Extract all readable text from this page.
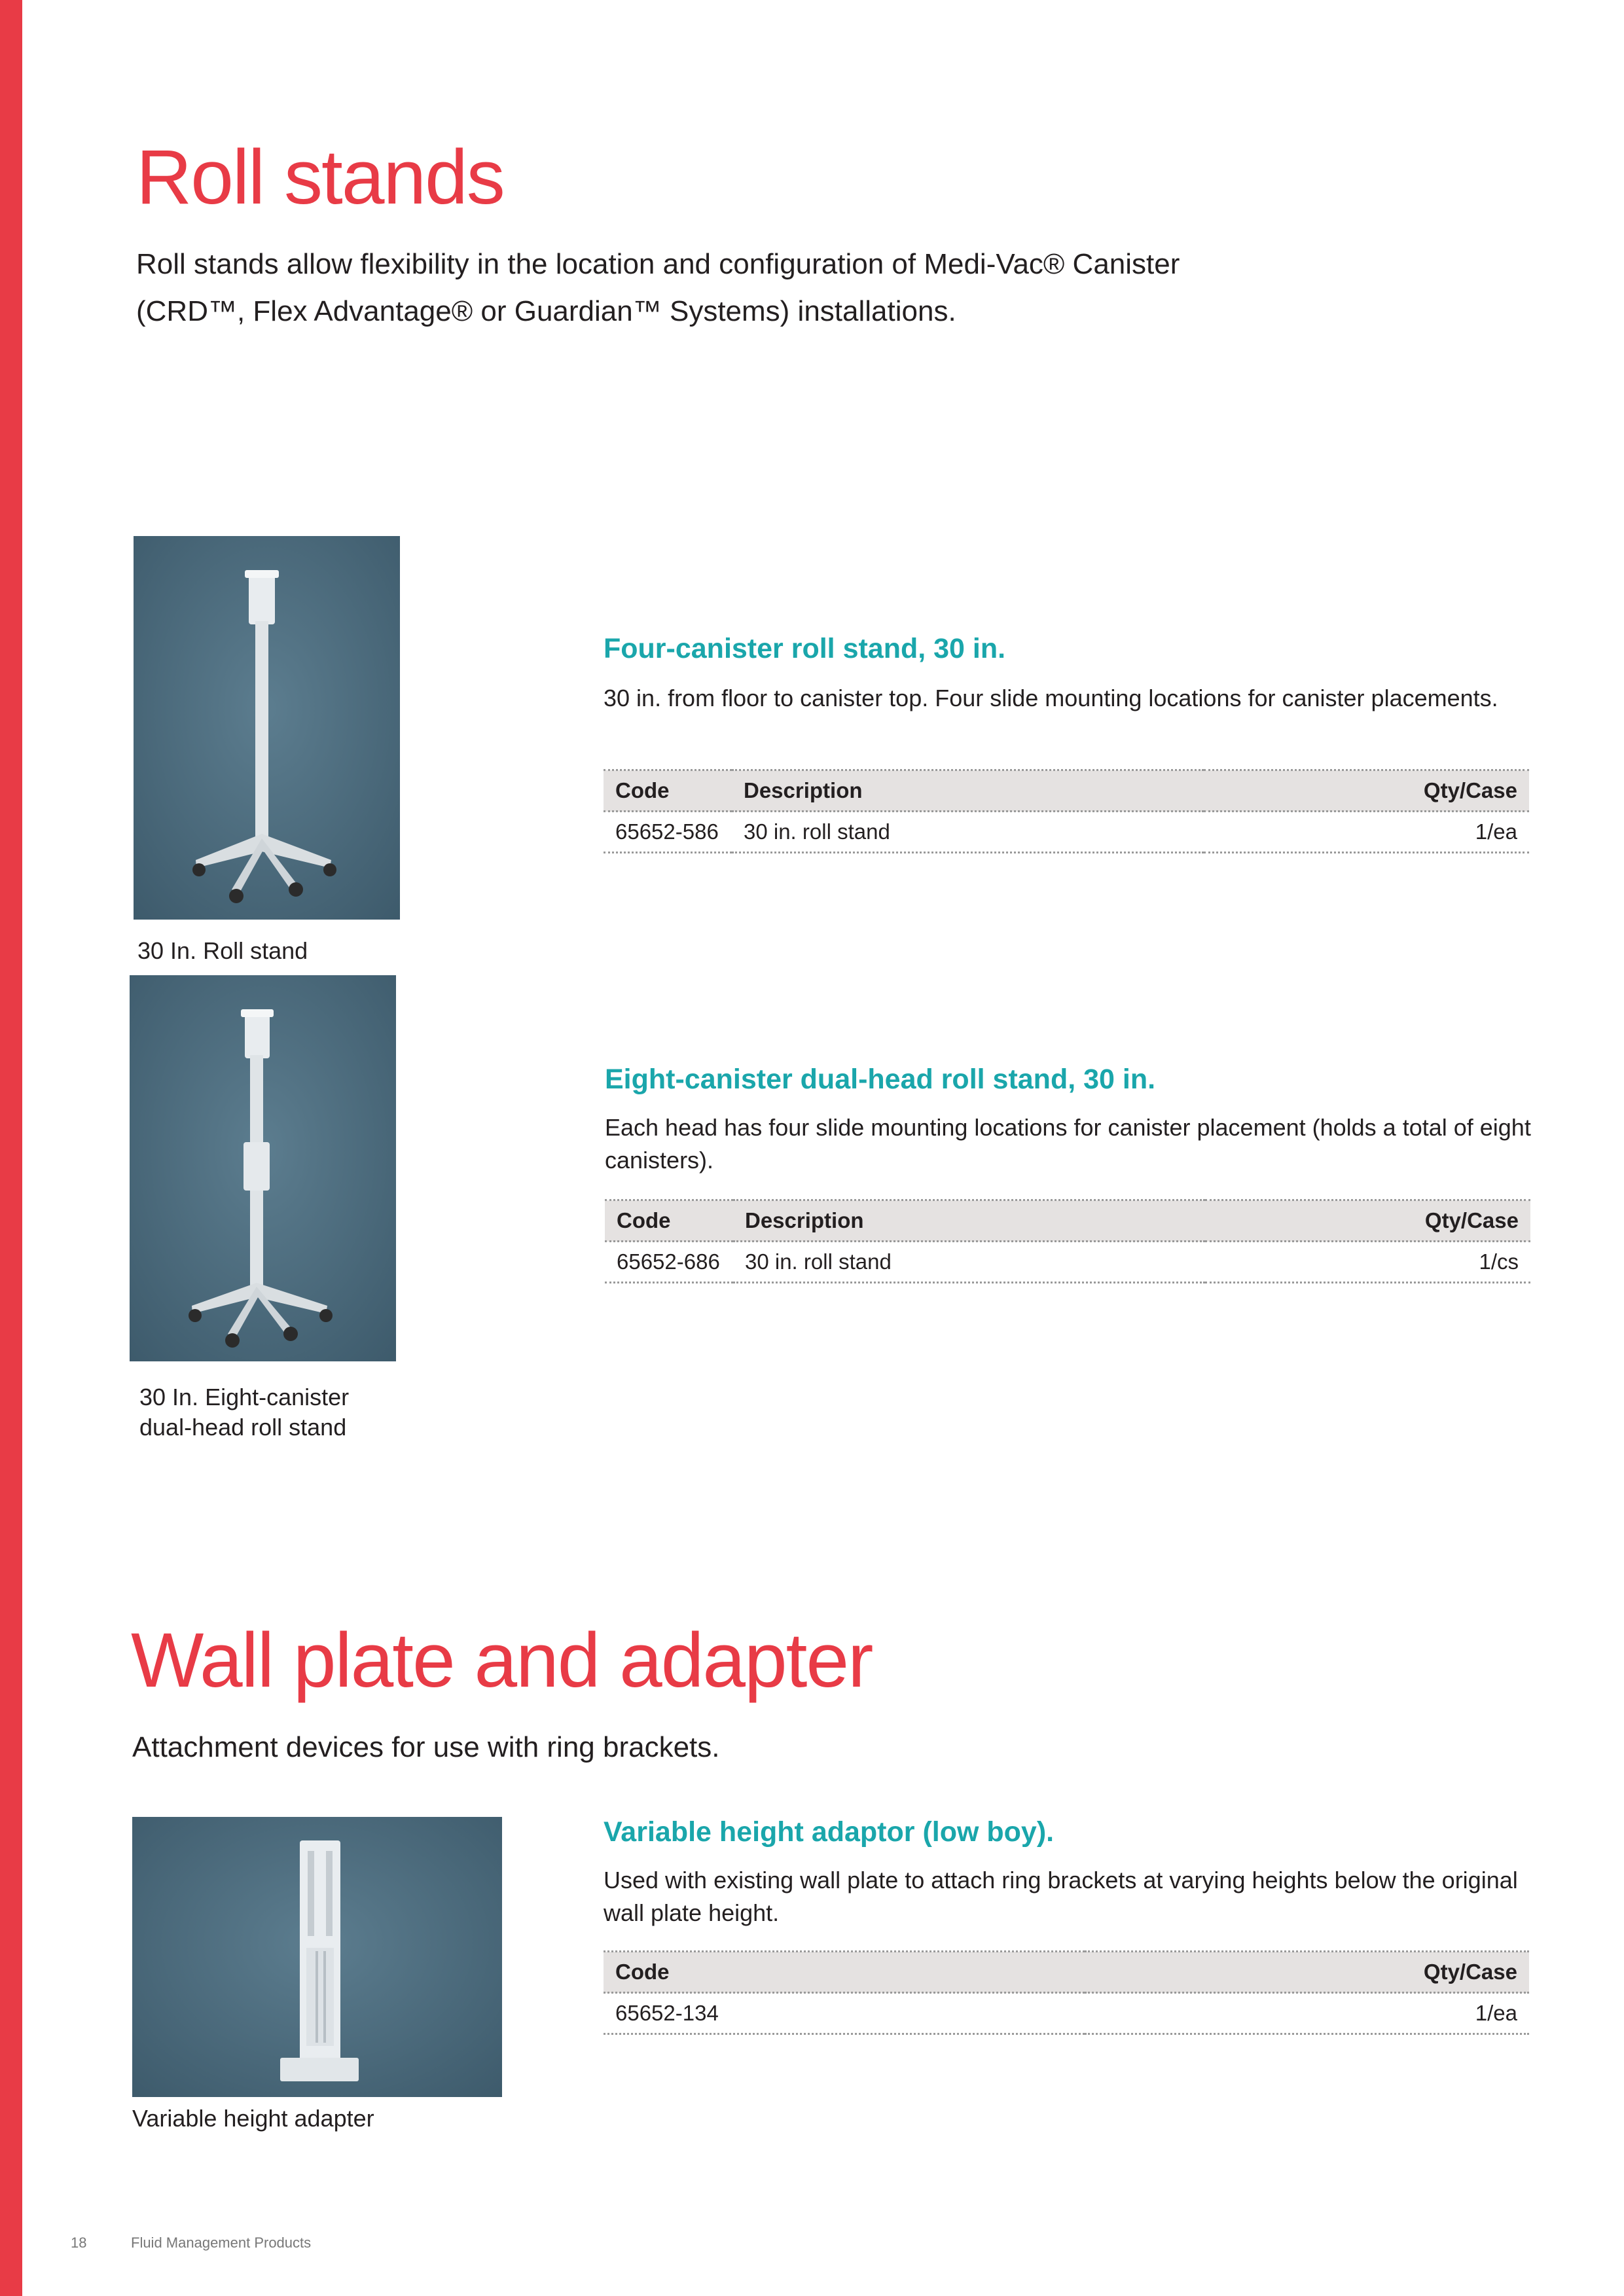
Roll stands

Roll stands allow flexibility in the location and configuration of Medi-Vac® Canister
(CRD™, Flex Advantage® or Guardian™ Systems) installations.

30 In. Roll stand
Four-canister roll stand, 30 in.

30 in. from floor to canister top. Four slide mounting locations for canister placements.

Code	Description	Qty/Case
65652-586	30 in. roll stand	1/ea
30 In. Eight-canister
dual-head roll stand
Eight-canister dual-head roll stand, 30 in.

Each head has four slide mounting locations for canister placement (holds a total of eight canisters).

Code	Description	Qty/Case
65652-686	30 in. roll stand	1/cs
Wall plate and adapter

Attachment devices for use with ring brackets.

Variable height adapter
Variable height adaptor (low boy).

Used with existing wall plate to attach ring brackets at varying heights below the original wall plate height.

Code	Qty/Case
65652-134	1/ea
18	Fluid Management Products
